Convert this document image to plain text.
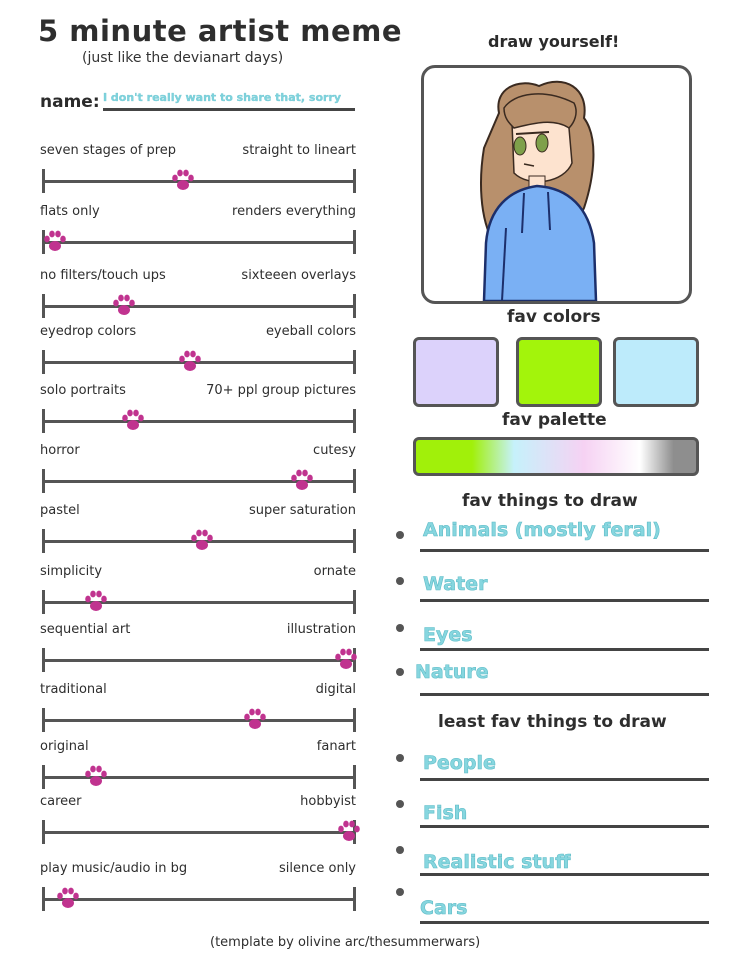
5 minute artist meme
(just like the devianart days)
name: I don't really want to share that, sorry
seven stages of prep	straight to lineart
flats only	renders everything
no filters/touch ups	sixteeen overlays
eyedrop colors	eyeball colors
solo portraits	70+ ppl group pictures
horror	cutesy
pastel	super saturation
simplicity	ornate
sequential art	illustration
traditional	digital
original	fanart
career	hobbyist
play music/audio in bg	silence only
draw yourself!
fav colors
fav palette
fav things to draw
Animals (mostly feral)
Water
Eyes
Nature
least fav things to draw
People
Fish
Realistic stuff
Cars
(template by olivine arc/thesummerwars)
